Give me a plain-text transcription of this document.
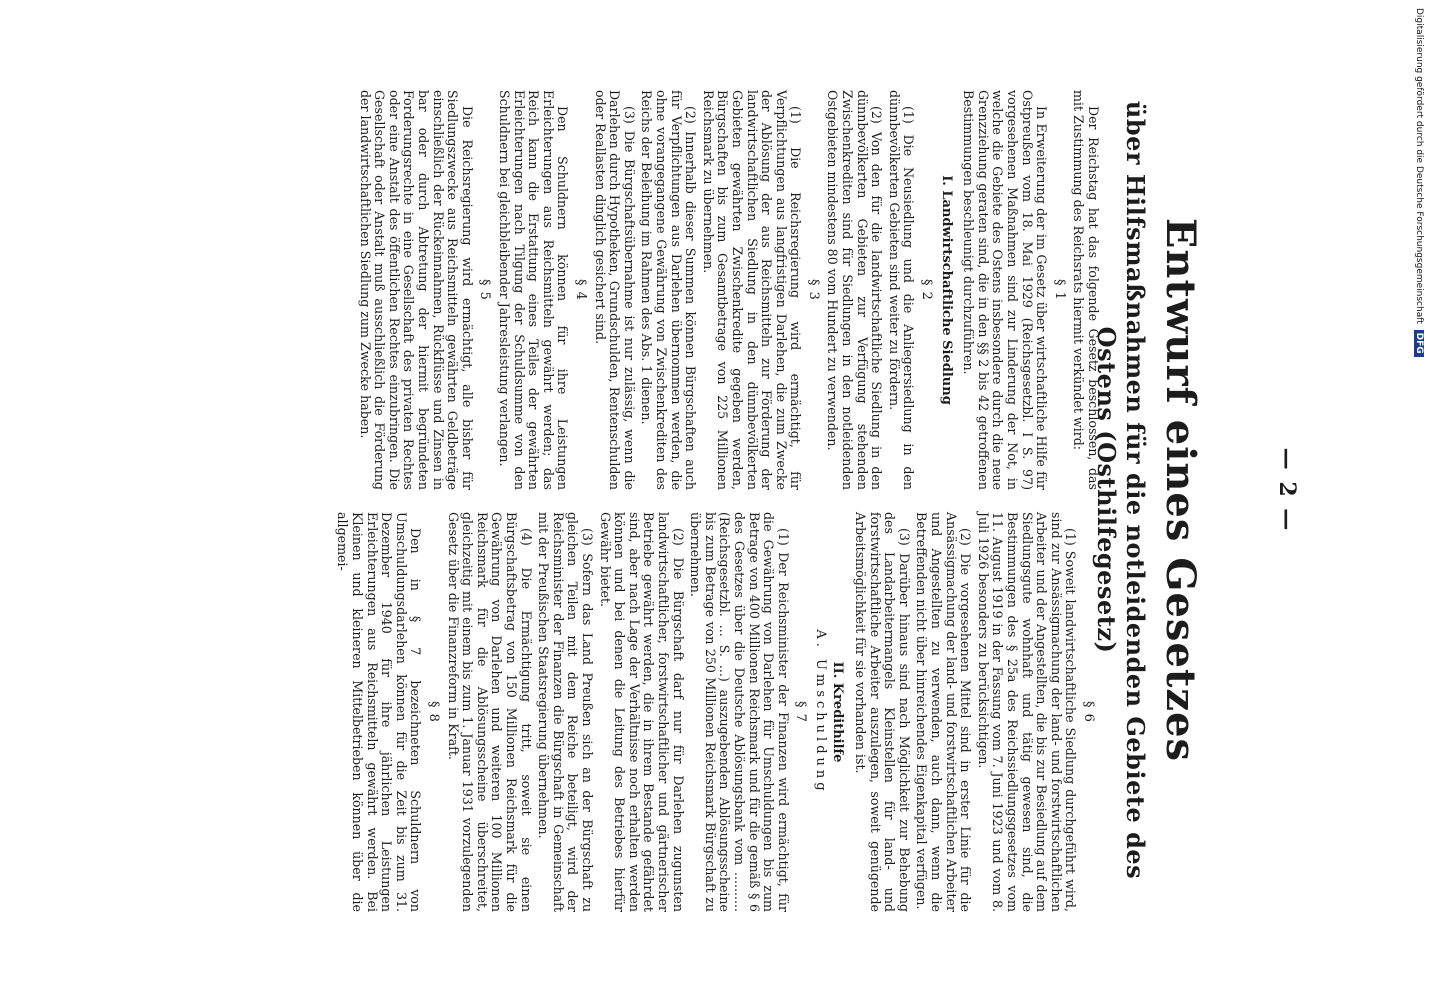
— 2 —
Entwurf eines Gesetzes
über Hilfsmaßnahmen für die notleidenden Gebiete des Ostens (Osthilfegesetz)

Der Reichstag hat das folgende Gesetz beschlossen, das mit Zustimmung des Reichsrats hiermit verkündet wird:

§ 1

In Erweiterung der im Gesetz über wirtschaftliche Hilfe für Ostpreußen vom 18. Mai 1929 (Reichsgesetzbl. I S. 97) vorgesehenen Maßnahmen sind zur Linderung der Not, in welche die Gebiete des Ostens insbesondere durch die neue Grenzziehung geraten sind, die in den §§ 2 bis 42 getroffenen Bestimmungen beschleunigt durchzuführen.

I. Landwirtschaftliche Siedlung
§ 2

(1) Die Neusiedlung und die Anliegersiedlung in den dünnbevölkerten Gebieten sind weiter zu fördern.

(2) Von den für die landwirtschaftliche Siedlung in den dünnbevölkerten Gebieten zur Verfügung stehenden Zwischenkrediten sind für Siedlungen in den notleidenden Ostgebieten mindestens 80 vom Hundert zu verwenden.

§ 3

(1) Die Reichsregierung wird ermächtigt, für Verpflichtungen aus langfristigen Darlehen, die zum Zwecke der Ablösung der aus Reichsmitteln zur Förderung der landwirtschaftlichen Siedlung in den dünnbevölkerten Gebieten gewährten Zwischenkredite gegeben werden, Bürgschaften bis zum Gesamtbetrage von 225 Millionen Reichsmark zu übernehmen.

(2) Innerhalb dieser Summen können Bürgschaften auch für Verpflichtungen aus Darlehen übernommen werden, die ohne vorangegangene Gewährung von Zwischenkrediten des Reichs der Beleihung im Rahmen des Abs. 1 dienen.

(3) Die Bürgschaftsübernahme ist nur zulässig, wenn die Darlehen durch Hypotheken, Grundschulden, Rentenschulden oder Reallasten dinglich gesichert sind.

§ 4

Den Schuldnern können für ihre Leistungen Erleichterungen aus Reichsmitteln gewährt werden; das Reich kann die Erstattung eines Teiles der gewährten Erleichterungen nach Tilgung der Schuldsumme von den Schuldnern bei gleichbleibender Jahresleistung verlangen.

§ 5

Die Reichsregierung wird ermächtigt, alle bisher für Siedlungszwecke aus Reichsmitteln gewährten Geldbeträge einschließlich der Rückeinnahmen, Rückflüsse und Zinsen in bar oder durch Abtretung der hiermit begründeten Forderungsrechte in eine Gesellschaft des privaten Rechtes oder eine Anstalt des öffentlichen Rechtes einzubringen. Die Gesellschaft oder Anstalt muß ausschließlich die Förderung der landwirtschaftlichen Siedlung zum Zwecke haben.

§ 6

(1) Soweit landwirtschaftliche Siedlung durchgeführt wird, sind zur Ansässigmachung der land- und forstwirtschaftlichen Arbeiter und der Angestellten, die bis zur Besiedlung auf dem Siedlungsgute wohnhaft und tätig gewesen sind, die Bestimmungen des § 25a des Reichssiedlungsgesetzes vom 11. August 1919 in der Fassung vom 7. Juni 1923 und vom 8. Juli 1926 besonders zu berücksichtigen.

(2) Die vorgesehenen Mittel sind in erster Linie für die Ansässigmachung der land- und forstwirtschaftlichen Arbeiter und Angestellten zu verwenden, auch dann, wenn die Betreffenden nicht über hinreichendes Eigenkapital verfügen.

(3) Darüber hinaus sind nach Möglichkeit zur Behebung des Landarbeitermangels Kleinstellen für land- und forstwirtschaftliche Arbeiter auszulegen, soweit genügende Arbeitsmöglichkeit für sie vorhanden ist.

II. Kredithilfe
A. Umschuldung
§ 7

(1) Der Reichsminister der Finanzen wird ermächtigt, für die Gewährung von Darlehen für Umschuldungen bis zum Betrage von 400 Millionen Reichsmark und für die gemäß § 6 des Gesetzes über die Deutsche Ablösungsbank vom .......... (Reichsgesetzbl. ... S. ...) auszugebenden Ablösungsscheine bis zum Betrage von 250 Millionen Reichsmark Bürgschaft zu übernehmen.

(2) Die Bürgschaft darf nur für Darlehen zugunsten landwirtschaftlicher, forstwirtschaftlicher und gärtnerischer Betriebe gewährt werden, die in ihrem Bestande gefährdet sind, aber nach Lage der Verhältnisse noch erhalten werden können und bei denen die Leitung des Betriebes hierfür Gewähr bietet.

(3) Sofern das Land Preußen sich an der Bürgschaft zu gleichen Teilen mit dem Reiche beteiligt, wird der Reichsminister der Finanzen die Bürgschaft in Gemeinschaft mit der Preußischen Staatsregierung übernehmen.

(4) Die Ermächtigung tritt, soweit sie einen Bürgschaftsbetrag von 150 Millionen Reichsmark für die Gewährung von Darlehen und weiteren 100 Millionen Reichsmark für die Ablösungsscheine überschreitet, gleichzeitig mit einem bis zum 1. Januar 1931 vorzulegenden Gesetz über die Finanzreform in Kraft.

§ 8

Den in § 7 bezeichneten Schuldnern von Umschuldungsdarlehen können für die Zeit bis zum 31. Dezember 1940 für ihre jährlichen Leistungen Erleichterungen aus Reichsmitteln gewährt werden. Bei Kleinen und kleineren Mittelbetrieben können über die allgemei-

Digitalisierung gefördert durch die Deutsche Forschungsgemeinschaft DFG
